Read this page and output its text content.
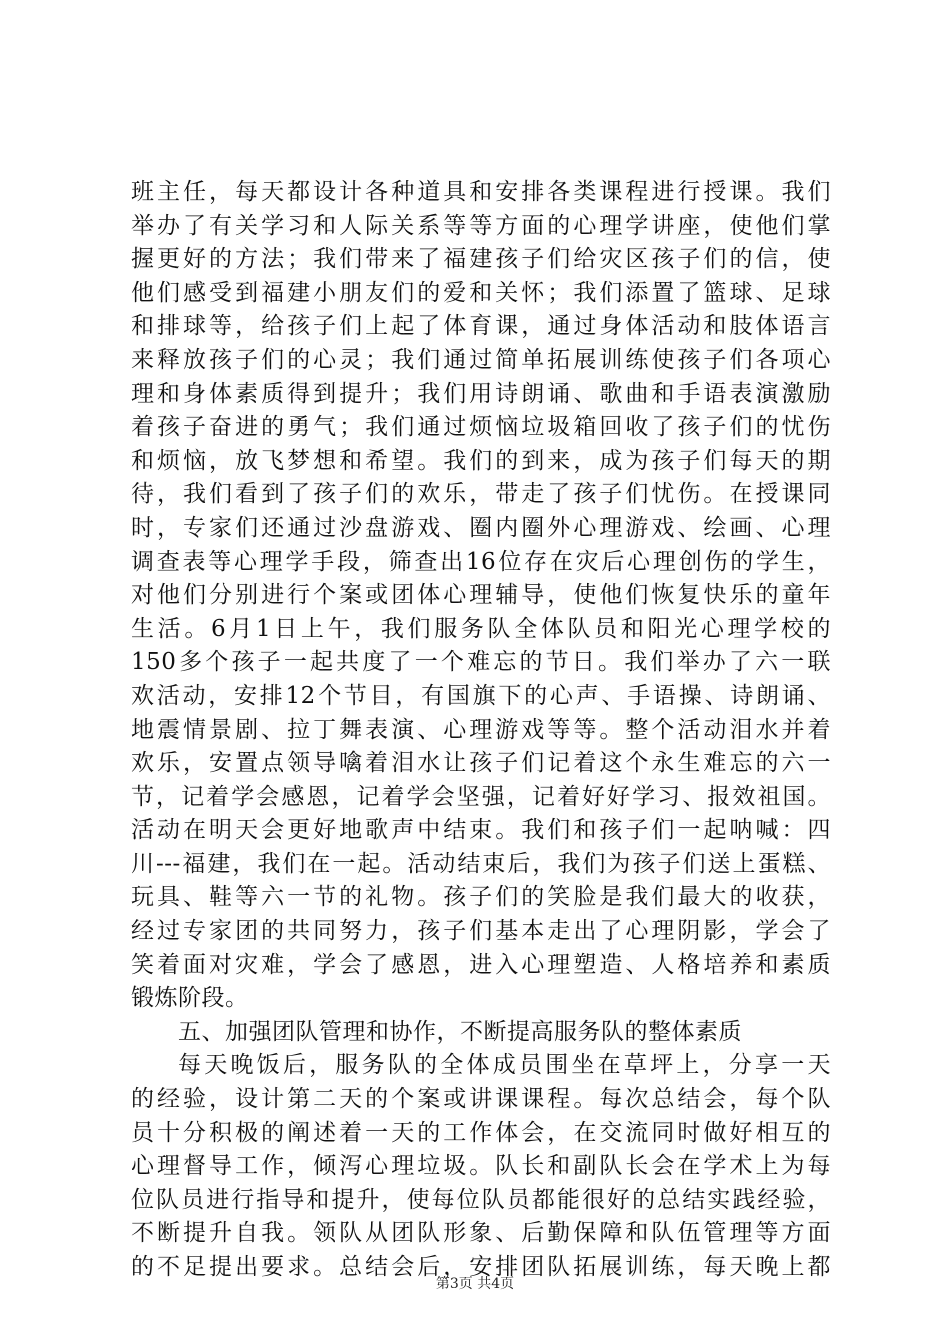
班主任，每天都设计各种道具和安排各类课程进行授课。我们
举办了有关学习和人际关系等等方面的心理学讲座，使他们掌
握更好的方法；我们带来了福建孩子们给灾区孩子们的信，使
他们感受到福建小朋友们的爱和关怀；我们添置了篮球、足球
和排球等，给孩子们上起了体育课，通过身体活动和肢体语言
来释放孩子们的心灵；我们通过简单拓展训练使孩子们各项心
理和身体素质得到提升；我们用诗朗诵、歌曲和手语表演激励
着孩子奋进的勇气；我们通过烦恼垃圾箱回收了孩子们的忧伤
和烦恼，放飞梦想和希望。我们的到来，成为孩子们每天的期
待，我们看到了孩子们的欢乐，带走了孩子们忧伤。在授课同
时，专家们还通过沙盘游戏、圈内圈外心理游戏、绘画、心理
调查表等心理学手段，筛查出16位存在灾后心理创伤的学生，
对他们分别进行个案或团体心理辅导，使他们恢复快乐的童年
生活。6月1日上午，我们服务队全体队员和阳光心理学校的
150多个孩子一起共度了一个难忘的节日。我们举办了六一联
欢活动，安排12个节目，有国旗下的心声、手语操、诗朗诵、
地震情景剧、拉丁舞表演、心理游戏等等。整个活动泪水并着
欢乐，安置点领导噙着泪水让孩子们记着这个永生难忘的六一
节，记着学会感恩，记着学会坚强，记着好好学习、报效祖国。
活动在明天会更好地歌声中结束。我们和孩子们一起呐喊：四
川---福建，我们在一起。活动结束后，我们为孩子们送上蛋糕、
玩具、鞋等六一节的礼物。孩子们的笑脸是我们最大的收获，
经过专家团的共同努力，孩子们基本走出了心理阴影，学会了
笑着面对灾难，学会了感恩，进入心理塑造、人格培养和素质
锻炼阶段。
五、加强团队管理和协作，不断提高服务队的整体素质
每天晚饭后，服务队的全体成员围坐在草坪上，分享一天
的经验，设计第二天的个案或讲课课程。每次总结会，每个队
员十分积极的阐述着一天的工作体会，在交流同时做好相互的
心理督导工作，倾泻心理垃圾。队长和副队长会在学术上为每
位队员进行指导和提升，使每位队员都能很好的总结实践经验，
不断提升自我。领队从团队形象、后勤保障和队伍管理等方面
的不足提出要求。总结会后，安排团队拓展训练，每天晚上都
第3页 共4页
